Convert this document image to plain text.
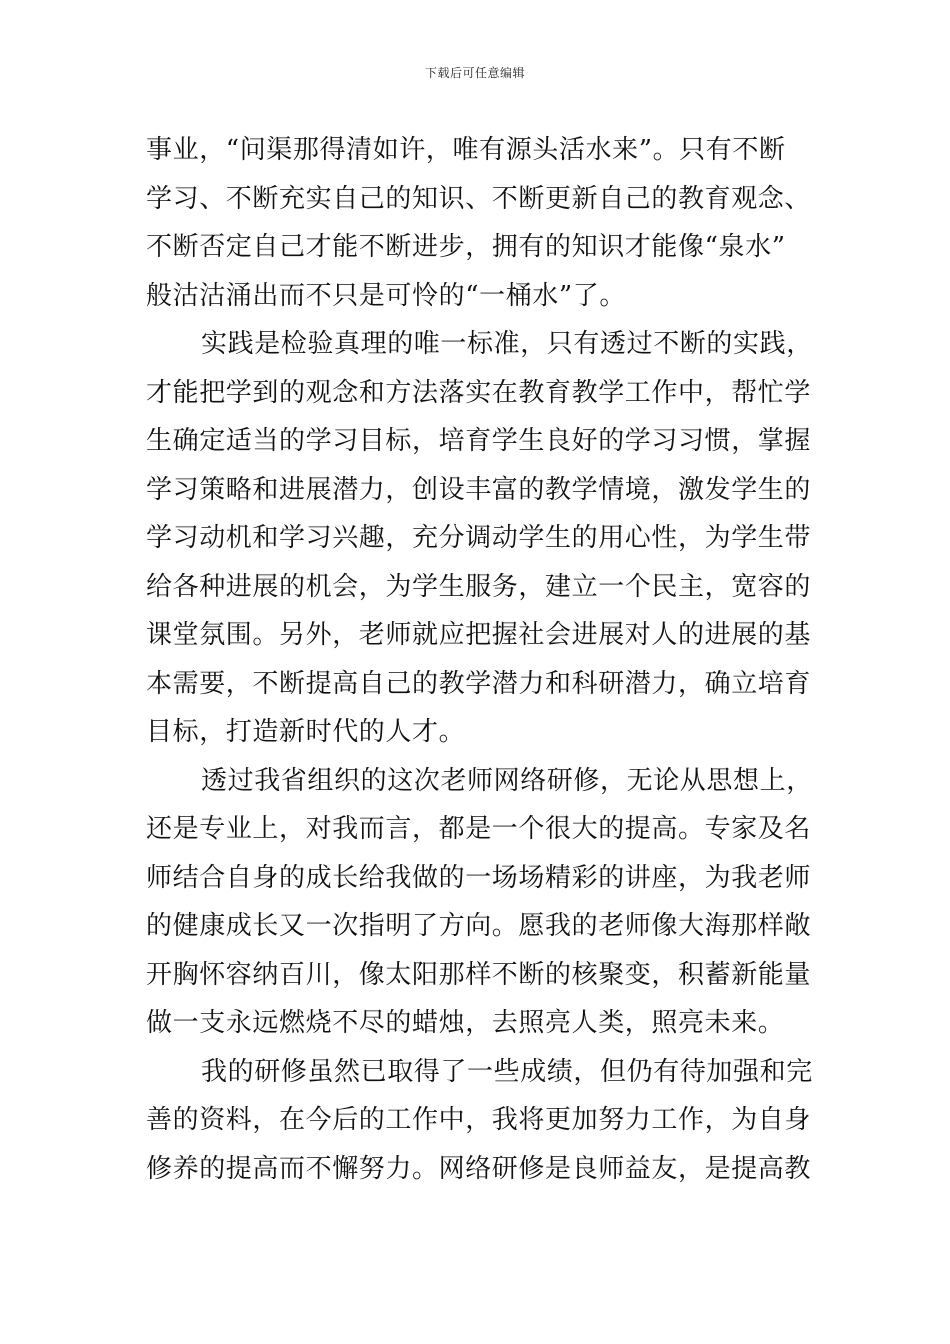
下载后可任意编辑
事业，“问渠那得清如许，唯有源头活水来”。只有不断
学习、不断充实自己的知识、不断更新自己的教育观念、
不断否定自己才能不断进步，拥有的知识才能像“泉水”
般沽沽涌出而不只是可怜的“一桶水”了。
实践是检验真理的唯一标准，只有透过不断的实践，
才能把学到的观念和方法落实在教育教学工作中，帮忙学
生确定适当的学习目标，培育学生良好的学习习惯，掌握
学习策略和进展潜力，创设丰富的教学情境，激发学生的
学习动机和学习兴趣，充分调动学生的用心性，为学生带
给各种进展的机会，为学生服务，建立一个民主，宽容的
课堂氛围。另外，老师就应把握社会进展对人的进展的基
本需要，不断提高自己的教学潜力和科研潜力，确立培育
目标，打造新时代的人才。
透过我省组织的这次老师网络研修，无论从思想上，
还是专业上，对我而言，都是一个很大的提高。专家及名
师结合自身的成长给我做的一场场精彩的讲座，为我老师
的健康成长又一次指明了方向。愿我的老师像大海那样敞
开胸怀容纳百川，像太阳那样不断的核聚变，积蓄新能量
做一支永远燃烧不尽的蜡烛，去照亮人类，照亮未来。
我的研修虽然已取得了一些成绩，但仍有待加强和完
善的资料，在今后的工作中，我将更加努力工作，为自身
修养的提高而不懈努力。网络研修是良师益友，是提高教
